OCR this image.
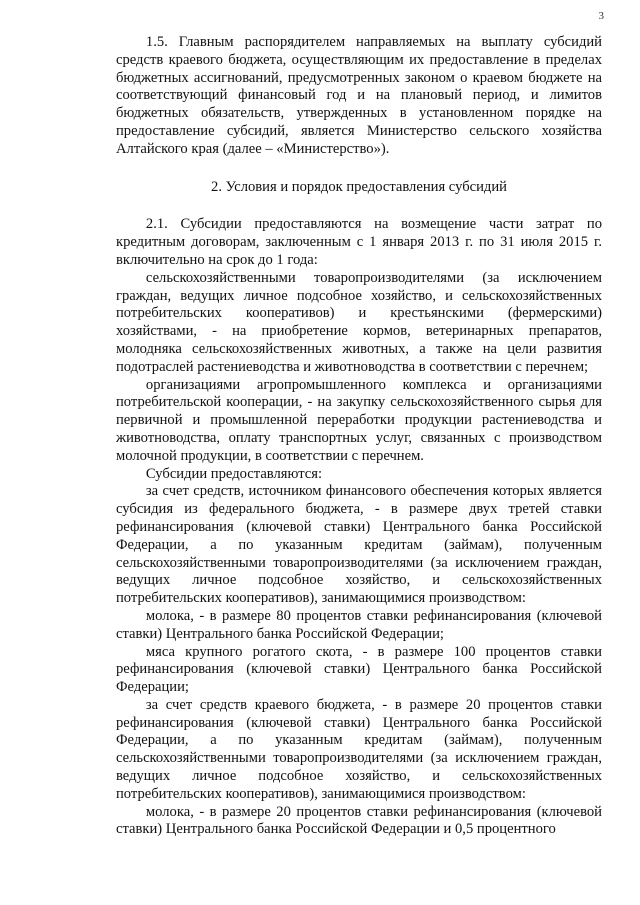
3

1.5. Главным распорядителем направляемых на выплату субсидий средств краевого бюджета, осуществляющим их предоставление в пределах бюджетных ассигнований, предусмотренных законом о краевом бюджете на соответствующий финансовый год и на плановый период, и лимитов бюджетных обязательств, утвержденных в установленном порядке на предоставление субсидий, является Министерство сельского хозяйства Алтайского края (далее – «Министерство»).

2. Условия и порядок предоставления субсидий

2.1. Субсидии предоставляются на возмещение части затрат по кредитным договорам, заключенным с 1 января 2013 г. по 31 июля 2015 г. включительно на срок до 1 года:

сельскохозяйственными товаропроизводителями (за исключением граждан, ведущих личное подсобное хозяйство, и сельскохозяйственных потребительских кооперативов) и крестьянскими (фермерскими) хозяйствами, - на приобретение кормов, ветеринарных препаратов, молодняка сельскохозяйственных животных, а также на цели развития подотраслей растениеводства и животноводства в соответствии с перечнем;

организациями агропромышленного комплекса и организациями потребительской кооперации, - на закупку сельскохозяйственного сырья для первичной и промышленной переработки продукции растениеводства и животноводства, оплату транспортных услуг, связанных с производством молочной продукции, в соответствии с перечнем.

Субсидии предоставляются:

за счет средств, источником финансового обеспечения которых является субсидия из федерального бюджета, - в размере двух третей ставки рефинансирования (ключевой ставки) Центрального банка Российской Федерации, а по указанным кредитам (займам), полученным сельскохозяйственными товаропроизводителями (за исключением граждан, ведущих личное подсобное хозяйство, и сельскохозяйственных потребительских кооперативов), занимающимися производством:

молока, - в размере 80 процентов ставки рефинансирования (ключевой ставки) Центрального банка Российской Федерации;

мяса крупного рогатого скота, - в размере 100 процентов ставки рефинансирования (ключевой ставки) Центрального банка Российской Федерации;

за счет средств краевого бюджета, - в размере 20 процентов ставки рефинансирования (ключевой ставки) Центрального банка Российской Федерации, а по указанным кредитам (займам), полученным сельскохозяйственными товаропроизводителями (за исключением граждан, ведущих личное подсобное хозяйство, и сельскохозяйственных потребительских кооперативов), занимающимися производством:

молока, - в размере 20 процентов ставки рефинансирования (ключевой ставки) Центрального банка Российской Федерации и 0,5 процентного
